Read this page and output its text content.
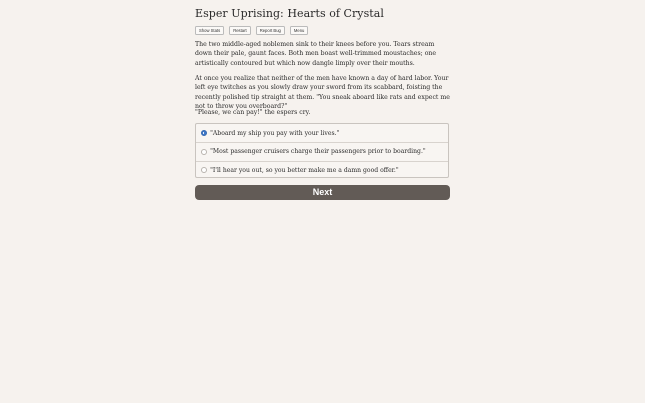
Esper Uprising: Hearts of Crystal
Show Stats	Restart	Report Bug	Menu

The two middle-aged noblemen sink to their knees before you. Tears stream down their pale, gaunt faces. Both men boast well-trimmed moustaches; one artistically contoured but which now dangle limply over their mouths.

At once you realize that neither of the men have known a day of hard labor. Your left eye twitches as you slowly draw your sword from its scabbard, foisting the recently polished tip straight at them. "You sneak aboard like rats and expect me not to throw you overboard?"

"Please, we can pay!" the espers cry.

"Aboard my ship you pay with your lives."
"Most passenger cruisers charge their passengers prior to boarding."
"I'll hear you out, so you better make me a damn good offer."
Next
